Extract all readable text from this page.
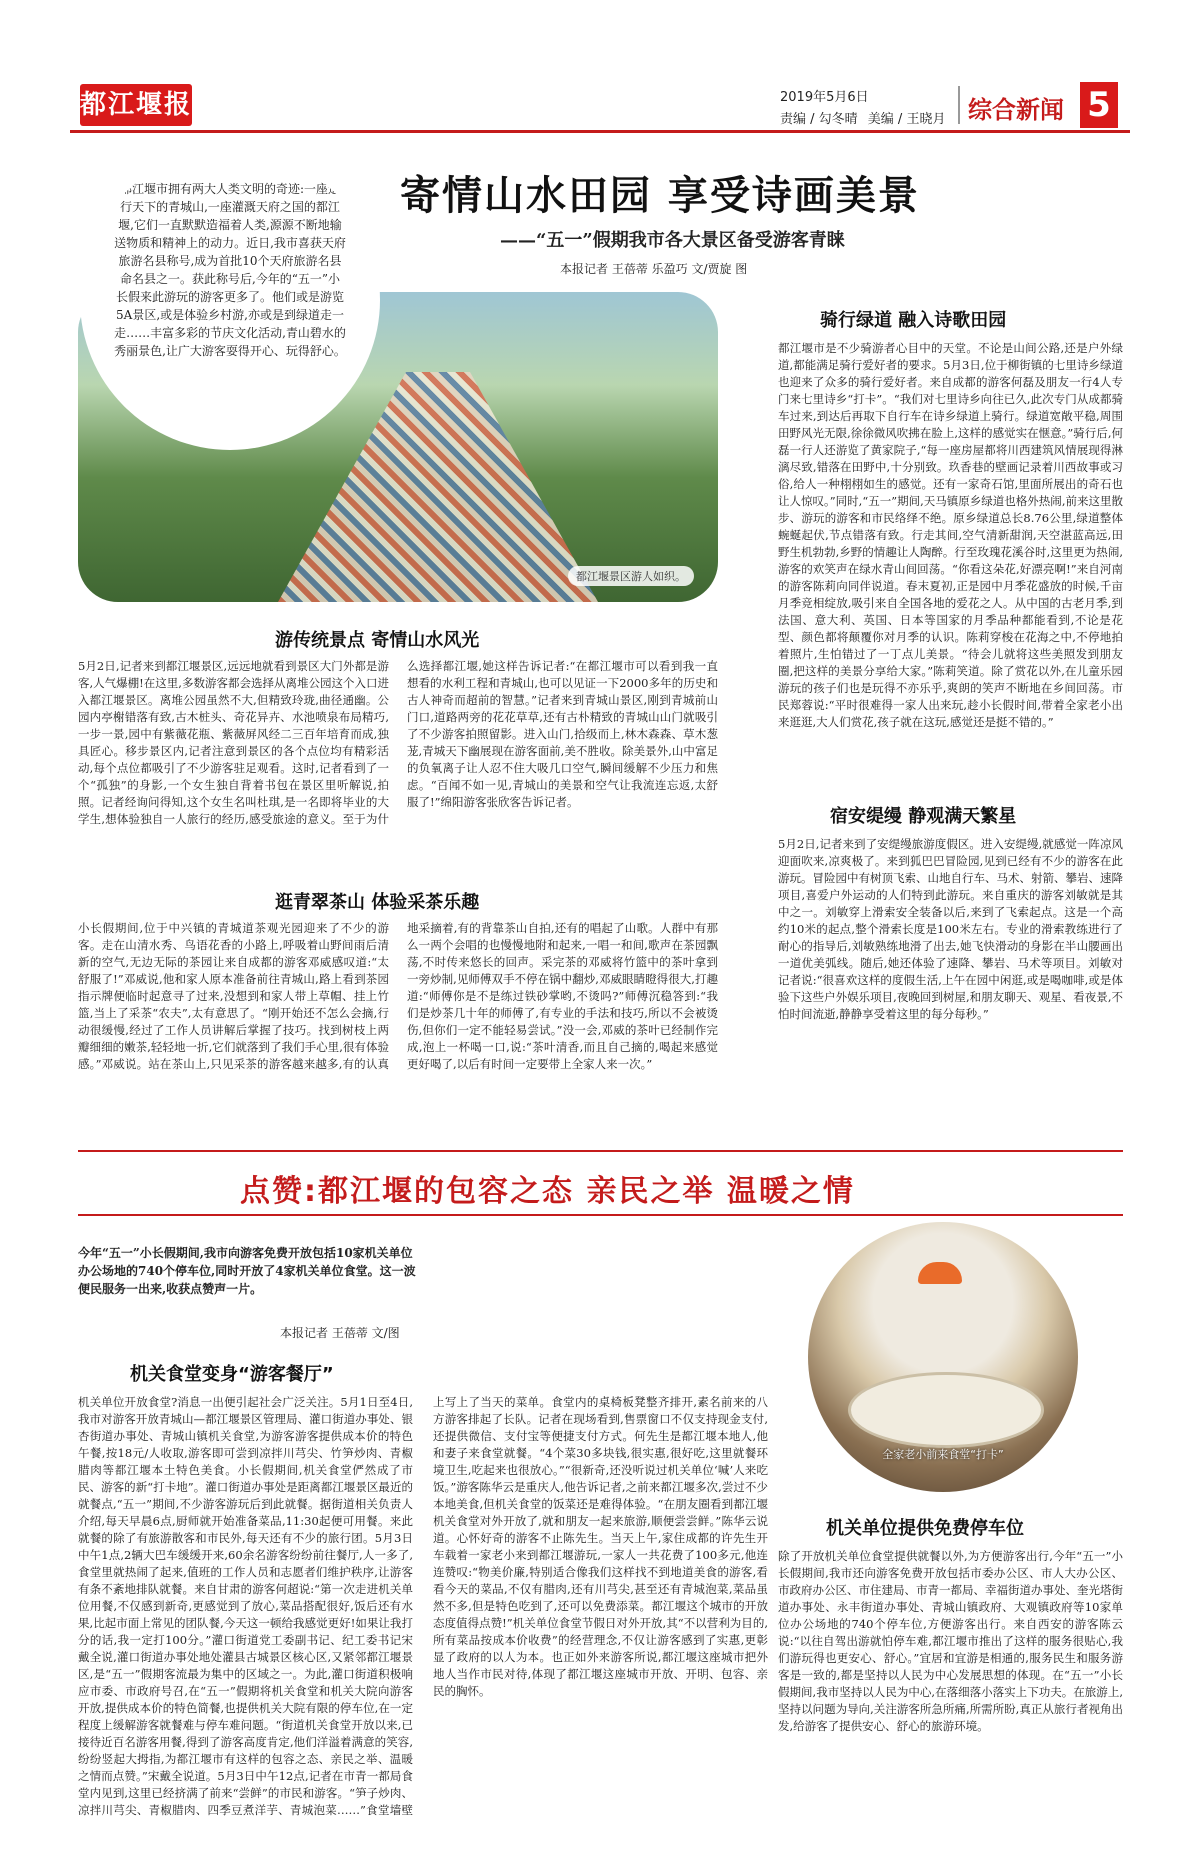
都江堰报	2019年5月6日
责编 / 勾冬晴 美编 / 王晓月 综合新闻 5
寄情山水田园 享受诗画美景
——“五一”假期我市各大景区备受游客青睐
本报记者 王蓓蒂 乐盈巧 文/贾旋 图
都江堰市拥有两大人类文明的奇迹:一座道行天下的青城山,一座灌溉天府之国的都江堰,它们一直默默造福着人类,源源不断地输送物质和精神上的动力。近日,我市喜获天府旅游名县称号,成为首批10个天府旅游名县命名县之一。获此称号后,今年的“五一”小长假来此游玩的游客更多了。他们或是游览5A景区,或是体验乡村游,亦或是到绿道走一走……丰富多彩的节庆文化活动,青山碧水的秀丽景色,让广大游客耍得开心、玩得舒心。
都江堰景区游人如织。
游传统景点 寄情山水风光
5月2日,记者来到都江堰景区,远远地就看到景区大门外都是游客,人气爆棚!在这里,多数游客都会选择从离堆公园这个入口进入都江堰景区。离堆公园虽然不大,但精致玲珑,曲径通幽。公园内亭榭错落有致,古木桩头、奇花异卉、水池喷泉布局精巧,一步一景,园中有紫薇花瓶、紫薇屏风经二三百年培育而成,独具匠心。移步景区内,记者注意到景区的各个点位均有精彩活动,每个点位都吸引了不少游客驻足观看。这时,记者看到了一个“孤独”的身影,一个女生独自背着书包在景区里听解说,拍照。记者经询问得知,这个女生名叫杜琪,是一名即将毕业的大学生,想体验独自一人旅行的经历,感受旅途的意义。至于为什么选择都江堰,她这样告诉记者:“在都江堰市可以看到我一直想看的水利工程和青城山,也可以见证一下2000多年的历史和古人神奇而超前的智慧。”记者来到青城山景区,刚到青城前山门口,道路两旁的花花草草,还有古朴精致的青城山山门就吸引了不少游客拍照留影。进入山门,拾级而上,林木森森、草木葱茏,青城天下幽展现在游客面前,美不胜收。除美景外,山中富足的负氧离子让人忍不住大吸几口空气,瞬间缓解不少压力和焦虑。“百闻不如一见,青城山的美景和空气让我流连忘返,太舒服了!”绵阳游客张欣客告诉记者。
逛青翠茶山 体验采茶乐趣
小长假期间,位于中兴镇的青城道茶观光园迎来了不少的游客。走在山清水秀、鸟语花香的小路上,呼吸着山野间雨后清新的空气,无边无际的茶园让来自成都的游客邓威感叹道:“太舒服了!”邓威说,他和家人原本准备前往青城山,路上看到茶园指示牌便临时起意寻了过来,没想到和家人带上草帽、挂上竹篮,当上了采茶“农夫”,太有意思了。“刚开始还不怎么会摘,行动很缓慢,经过了工作人员讲解后掌握了技巧。找到树枝上两瓣细细的嫩茶,轻轻地一折,它们就落到了我们手心里,很有体验感。”邓威说。站在茶山上,只见采茶的游客越来越多,有的认真地采摘着,有的背靠茶山自拍,还有的唱起了山歌。人群中有那么一两个会唱的也慢慢地附和起来,一唱一和间,歌声在茶园飘荡,不时传来悠长的回声。采完茶的邓威将竹篮中的茶叶拿到一旁炒制,见师傅双手不停在锅中翻炒,邓威眼睛瞪得很大,打趣道:“师傅你是不是练过铁砂掌哟,不烫吗?”师傅沉稳答到:“我们是炒茶几十年的师傅了,有专业的手法和技巧,所以不会被烫伤,但你们一定不能轻易尝试。”没一会,邓威的茶叶已经制作完成,泡上一杯喝一口,说:“茶叶清香,而且自己摘的,喝起来感觉更好喝了,以后有时间一定要带上全家人来一次。”
骑行绿道 融入诗歌田园
都江堰市是不少骑游者心目中的天堂。不论是山间公路,还是户外绿道,都能满足骑行爱好者的要求。5月3日,位于柳街镇的七里诗乡绿道也迎来了众多的骑行爱好者。来自成都的游客何磊及朋友一行4人专门来七里诗乡“打卡”。“我们对七里诗乡向往已久,此次专门从成都骑车过来,到达后再取下自行车在诗乡绿道上骑行。绿道宽敞平稳,周围田野风光无限,徐徐微风吹拂在脸上,这样的感觉实在惬意。”骑行后,何磊一行人还游览了黄家院子,“每一座房屋都将川西建筑风情展现得淋漓尽致,错落在田野中,十分别致。玖香巷的壁画记录着川西故事或习俗,给人一种栩栩如生的感觉。还有一家奇石馆,里面所展出的奇石也让人惊叹。”同时,“五一”期间,天马镇原乡绿道也格外热闹,前来这里散步、游玩的游客和市民络绎不绝。原乡绿道总长8.76公里,绿道整体蜿蜒起伏,节点错落有致。行走其间,空气清新甜润,天空湛蓝高远,田野生机勃勃,乡野的情趣让人陶醉。行至玫瑰花溪谷时,这里更为热闹,游客的欢笑声在绿水青山间回荡。“你看这朵花,好漂亮啊!”来自河南的游客陈莉向同伴说道。春末夏初,正是园中月季花盛放的时候,千亩月季竞相绽放,吸引来自全国各地的爱花之人。从中国的古老月季,到法国、意大利、英国、日本等国家的月季品种都能看到,不论是花型、颜色都将颠覆你对月季的认识。陈莉穿梭在花海之中,不停地拍着照片,生怕错过了一丁点儿美景。“待会儿就将这些美照发到朋友圈,把这样的美景分享给大家。”陈莉笑道。除了赏花以外,在儿童乐园游玩的孩子们也是玩得不亦乐乎,爽朗的笑声不断地在乡间回荡。市民郑蓉说:“平时很难得一家人出来玩,趁小长假时间,带着全家老小出来逛逛,大人们赏花,孩子就在这玩,感觉还是挺不错的。”
宿安缇缦 静观满天繁星
5月2日,记者来到了安缇缦旅游度假区。进入安缇缦,就感觉一阵凉风迎面吹来,凉爽极了。来到狐巴巴冒险园,见到已经有不少的游客在此游玩。冒险园中有树顶飞索、山地自行车、马术、射箭、攀岩、速降项目,喜爱户外运动的人们特到此游玩。来自重庆的游客刘敏就是其中之一。刘敏穿上滑索安全装备以后,来到了飞索起点。这是一个高约10米的起点,整个滑索长度是100米左右。专业的滑索教练进行了耐心的指导后,刘敏熟练地滑了出去,她飞快滑动的身影在半山腰画出一道优美弧线。随后,她还体验了速降、攀岩、马术等项目。刘敏对记者说:“很喜欢这样的度假生活,上午在园中闲逛,或是喝咖啡,或是体验下这些户外娱乐项目,夜晚回到树屋,和朋友聊天、观星、看夜景,不怕时间流逝,静静享受着这里的每分每秒。”
点赞:都江堰的包容之态 亲民之举 温暖之情
今年“五一”小长假期间,我市向游客免费开放包括10家机关单位办公场地的740个停车位,同时开放了4家机关单位食堂。这一波便民服务一出来,收获点赞声一片。
本报记者 王蓓蒂 文/图
机关食堂变身“游客餐厅”
机关单位开放食堂?消息一出便引起社会广泛关注。5月1日至4日,我市对游客开放青城山—都江堰景区管理局、灌口街道办事处、银杏街道办事处、青城山镇机关食堂,为游客游客提供成本价的特色午餐,按18元/人收取,游客即可尝到凉拌川芎尖、竹笋炒肉、青椒腊肉等都江堰本土特色美食。小长假期间,机关食堂俨然成了市民、游客的新“打卡地”。灌口街道办事处是距离都江堰景区最近的就餐点,“五一”期间,不少游客游玩后到此就餐。据街道相关负责人介绍,每天早晨6点,厨师就开始准备菜品,11:30起便可用餐。来此就餐的除了有旅游散客和市民外,每天还有不少的旅行团。5月3日中午1点,2辆大巴车缓缓开来,60余名游客纷纷前往餐厅,人一多了,食堂里就热闹了起来,值班的工作人员和志愿者们维护秩序,让游客有条不紊地排队就餐。来自甘肃的游客何超说:“第一次走进机关单位用餐,不仅感到新奇,更感觉到了放心,菜品搭配很好,饭后还有水果,比起市面上常见的团队餐,今天这一顿给我感觉更好!如果让我打分的话,我一定打100分。”灌口街道党工委副书记、纪工委书记宋戴全说,灌口街道办事处地处灌县古城景区核心区,又紧邻都江堰景区,是“五一”假期客流最为集中的区域之一。为此,灌口街道积极响应市委、市政府号召,在“五一”假期将机关食堂和机关大院向游客开放,提供成本价的特色简餐,也提供机关大院有限的停车位,在一定程度上缓解游客就餐难与停车难问题。“街道机关食堂开放以来,已接待近百名游客用餐,得到了游客高度肯定,他们洋溢着满意的笑容,纷纷竖起大拇指,为都江堰市有这样的包容之态、亲民之举、温暖之情而点赞。”宋戴全说道。5月3日中午12点,记者在市青一都局食堂内见到,这里已经挤满了前来“尝鲜”的市民和游客。“笋子炒肉、凉拌川芎尖、青椒腊肉、四季豆煮洋芋、青城泡菜……”食堂墙壁上写上了当天的菜单。食堂内的桌椅板凳整齐排开,素名前来的八方游客排起了长队。记者在现场看到,售票窗口不仅支持现金支付,还提供微信、支付宝等便捷支付方式。何先生是都江堰本地人,他和妻子来食堂就餐。“4个菜30多块钱,很实惠,很好吃,这里就餐环境卫生,吃起来也很放心。”“很新奇,还没听说过机关单位‘喊’人来吃饭。”游客陈华云是重庆人,他告诉记者,之前来都江堰多次,尝过不少本地美食,但机关食堂的饭菜还是难得体验。“在朋友圈看到都江堰机关食堂对外开放了,就和朋友一起来旅游,顺便尝尝鲜。”陈华云说道。心怀好奇的游客不止陈先生。当天上午,家住成都的许先生开车载着一家老小来到都江堰游玩,一家人一共花费了100多元,他连连赞叹:“物美价廉,特别适合像我们这样找不到地道美食的游客,看看今天的菜品,不仅有腊肉,还有川芎尖,甚至还有青城泡菜,菜品虽然不多,但是特色吃到了,还可以免费添菜。都江堰这个城市的开放态度值得点赞!”机关单位食堂节假日对外开放,其“不以营利为目的,所有菜品按成本价收费”的经营理念,不仅让游客感到了实惠,更彰显了政府的以人为本。也正如外来游客所说,都江堰这座城市把外地人当作市民对待,体现了都江堰这座城市开放、开明、包容、亲民的胸怀。
全家老小前来食堂“打卡”
机关单位提供免费停车位
除了开放机关单位食堂提供就餐以外,为方便游客出行,今年“五一”小长假期间,我市还向游客免费开放包括市委办公区、市人大办公区、市政府办公区、市住建局、市青一都局、幸福街道办事处、奎光塔街道办事处、永丰街道办事处、青城山镇政府、大观镇政府等10家单位办公场地的740个停车位,方便游客出行。来自西安的游客陈云说:“以往自驾出游就怕停车难,都江堰市推出了这样的服务很贴心,我们游玩得也更安心、舒心。”宜居和宜游是相通的,服务民生和服务游客是一致的,都是坚持以人民为中心发展思想的体现。在“五一”小长假期间,我市坚持以人民为中心,在落细落小落实上下功夫。在旅游上,坚持以问题为导向,关注游客所急所痛,所需所盼,真正从旅行者视角出发,给游客了提供安心、舒心的旅游环境。
